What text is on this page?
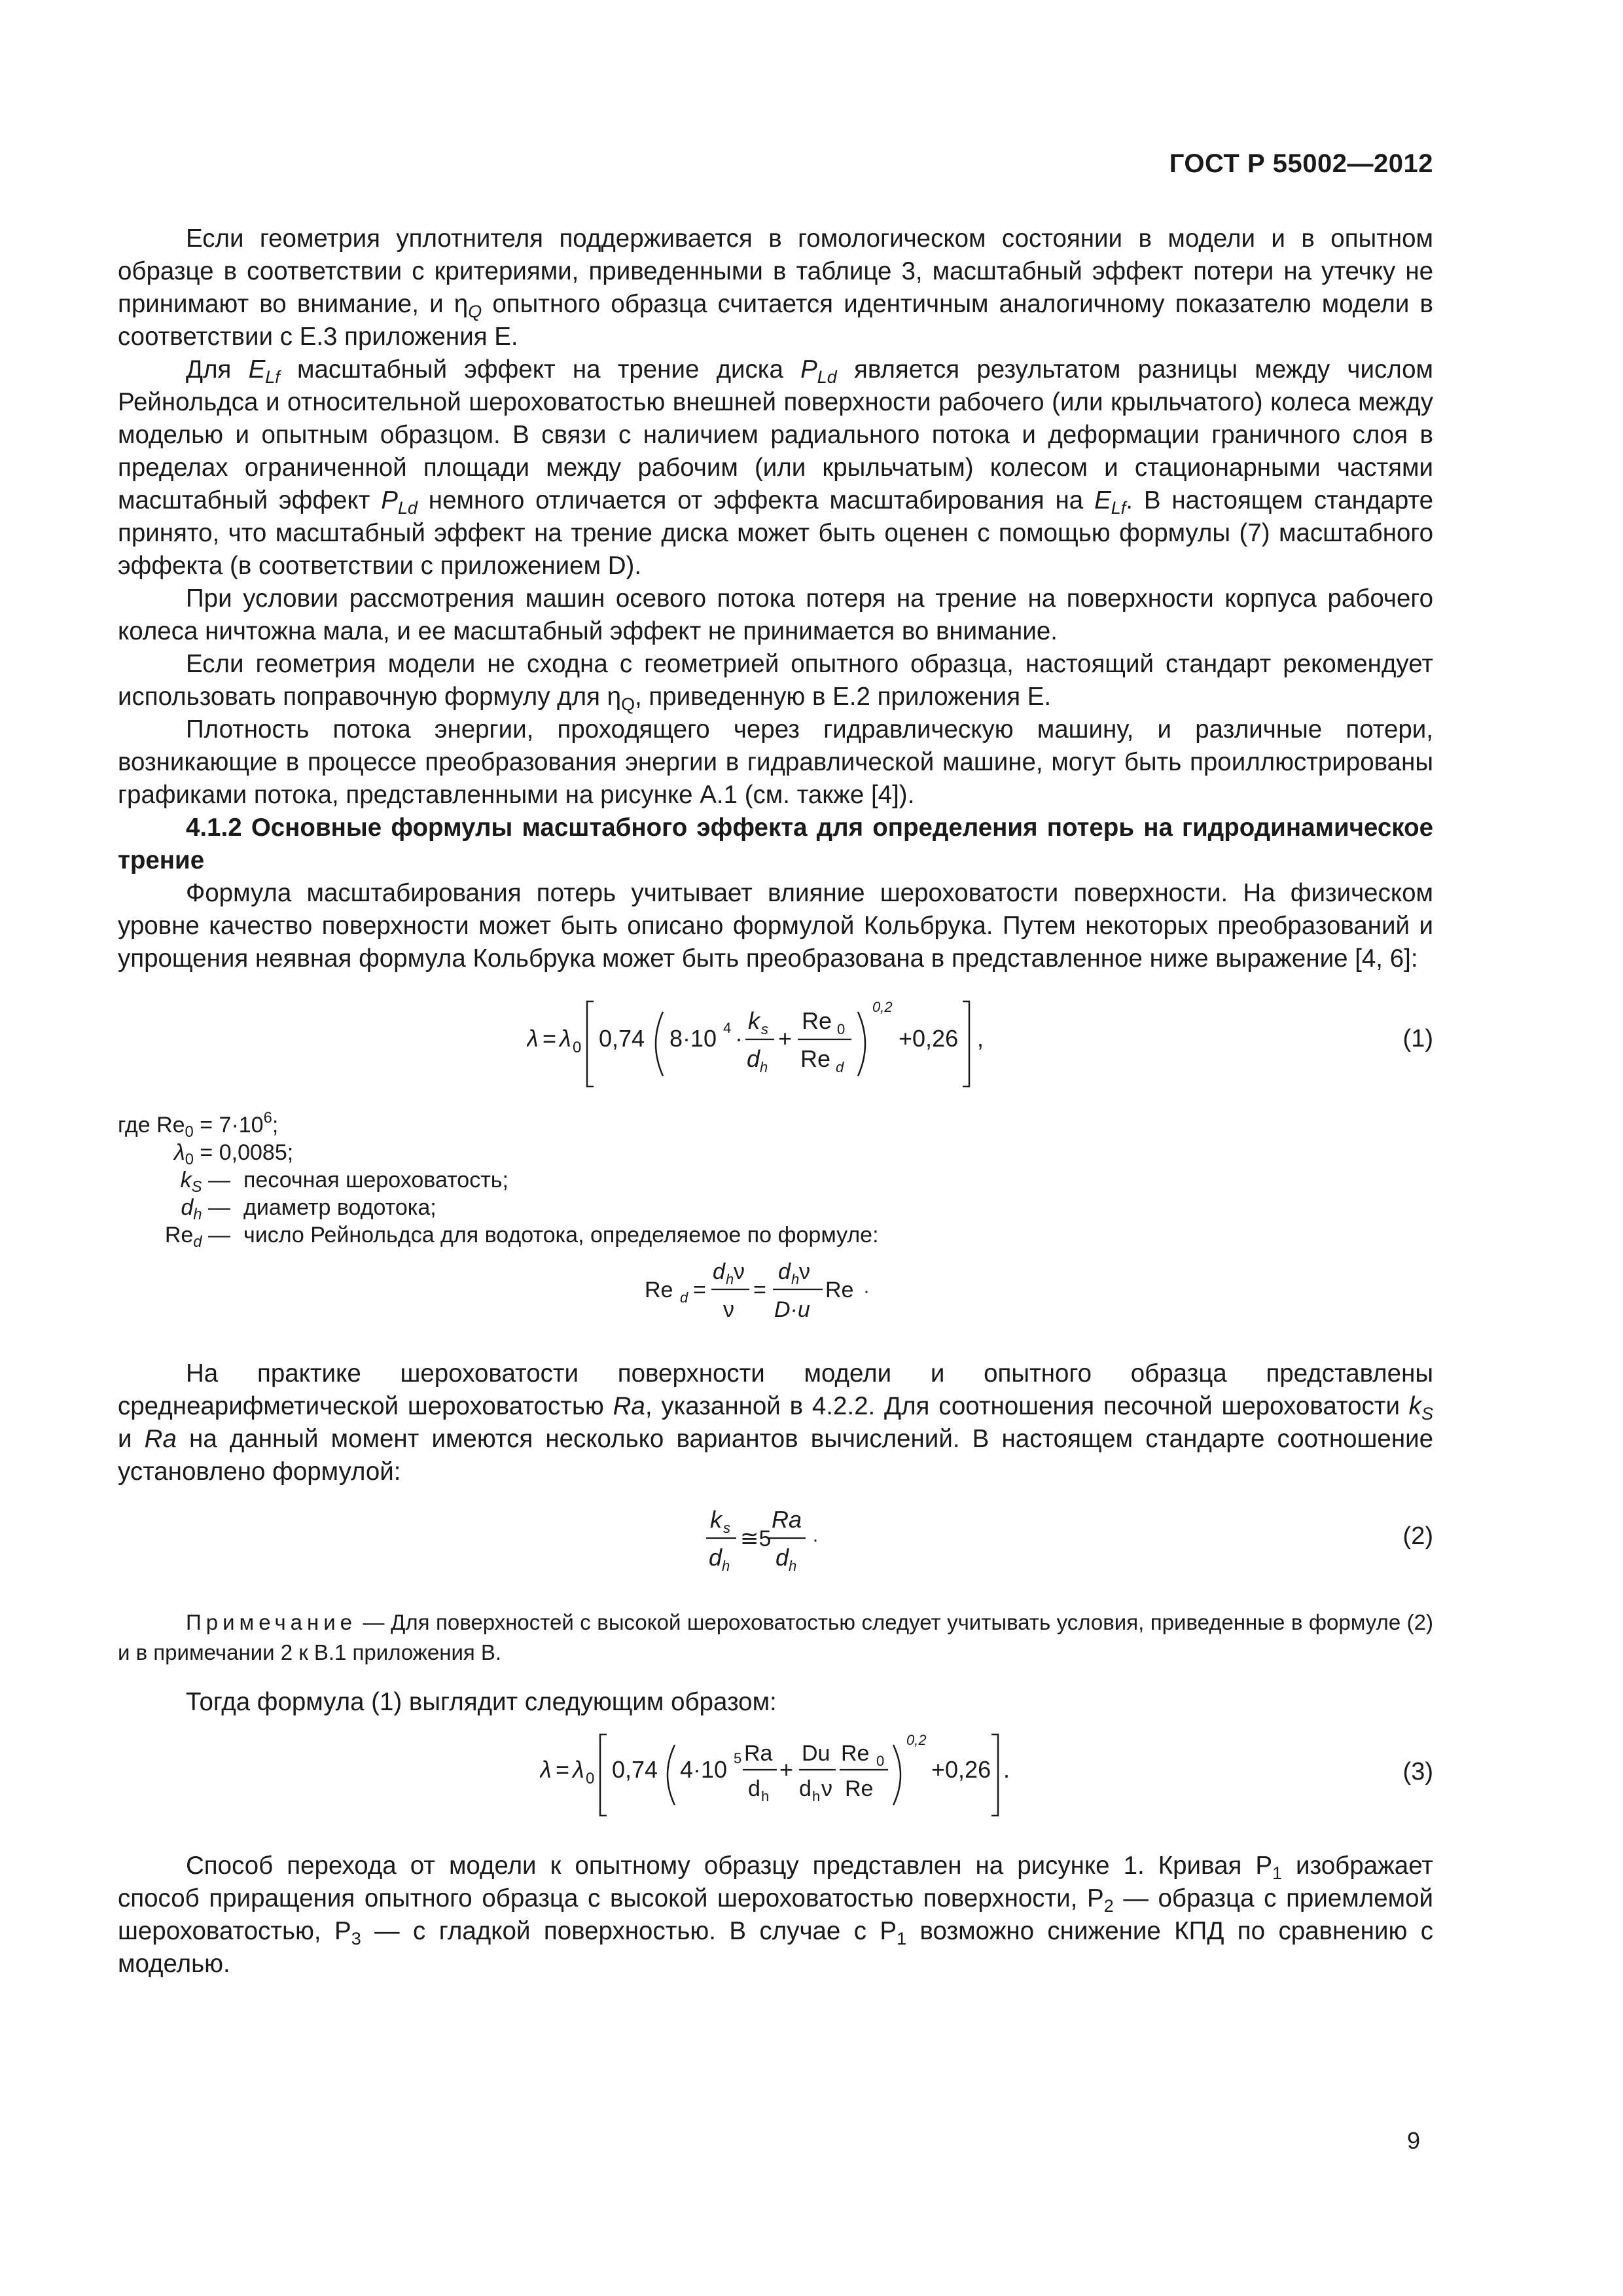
ГОСТ Р 55002—2012

Если геометрия уплотнителя поддерживается в гомологическом состоянии в модели и в опытном образце в соответствии с критериями, приведенными в таблице 3, масштабный эффект потери на утечку не принимают во внимание, и $\eta_Q$ опытного образца считается идентичным аналогичному показателю модели в соответствии с Е.3 приложения Е.

Для $E_{Lf}$ масштабный эффект на трение диска $P_{Ld}$ является результатом разницы между числом Рейнольдса и относительной шероховатостью внешней поверхности рабочего (или крыльчатого) колеса между моделью и опытным образцом. В связи с наличием радиального потока и деформации граничного слоя в пределах ограниченной площади между рабочим (или крыльчатым) колесом и стационарными частями масштабный эффект $P_{Ld}$ немного отличается от эффекта масштабирования на $E_{Lf}$. В настоящем стандарте принято, что масштабный эффект на трение диска может быть оценен с помощью формулы (7) масштабного эффекта (в соответствии с приложением D).

При условии рассмотрения машин осевого потока потеря на трение на поверхности корпуса рабочего колеса ничтожна мала, и ее масштабный эффект не принимается во внимание.

Если геометрия модели не сходна с геометрией опытного образца, настоящий стандарт рекомендует использовать поправочную формулу для $\eta_Q$, приведенную в Е.2 приложения Е.

Плотность потока энергии, проходящего через гидравлическую машину, и различные потери, возникающие в процессе преобразования энергии в гидравлической машине, могут быть проиллюстрированы графиками потока, представленными на рисунке А.1 (см. также [4]).

4.1.2 Основные формулы масштабного эффекта для определения потерь на гидродинамическое трение

Формула масштабирования потерь учитывает влияние шероховатости поверхности. На физическом уровне качество поверхности может быть описано формулой Кольбрука. Путем некоторых преобразований и упрощения неявная формула Кольбрука может быть преобразована в представленное ниже выражение [4, 6]:

λ = λ 0 0,74 8·10 4 ·
k s
d h
+
Re 0
Re d
0,2
+0,26 ,	(1)
где $Re_0 = 7\cdot 10^6$;
$\lambda_0 = 0,0085$;
$k_S$ — песочная шероховатость;
$d_h$ — диаметр водотока;
$Re_d$ — число Рейнольдса для водотока, определяемое по формуле:
Re d =
d h ν
ν
=
d h ν
D·u
Re ·

На практике шероховатости поверхности модели и опытного образца представлены среднеарифметической шероховатостью Ra, указанной в 4.2.2. Для соотношения песочной шероховатости $k_S$ и Ra на данный момент имеются несколько вариантов вычислений. В настоящем стандарте соотношение установлено формулой:

k s
d h
≅5
Ra
d h
·	(2)

Примечание — Для поверхностей с высокой шероховатостью следует учитывать условия, приведенные в формуле (2) и в примечании 2 к В.1 приложения В.

Тогда формула (1) выглядит следующим образом:

λ = λ 0 0,74 4·10 5 Ra
d h
+
Du
d h ν
Re 0
Re
0,2
+0,26 .	(3)

Способ перехода от модели к опытному образцу представлен на рисунке 1. Кривая $P_1$ изображает способ приращения опытного образца с высокой шероховатостью поверхности, $P_2$ — образца с приемлемой шероховатостью, $P_3$ — с гладкой поверхностью. В случае с $P_1$ возможно снижение КПД по сравнению с моделью.

9
